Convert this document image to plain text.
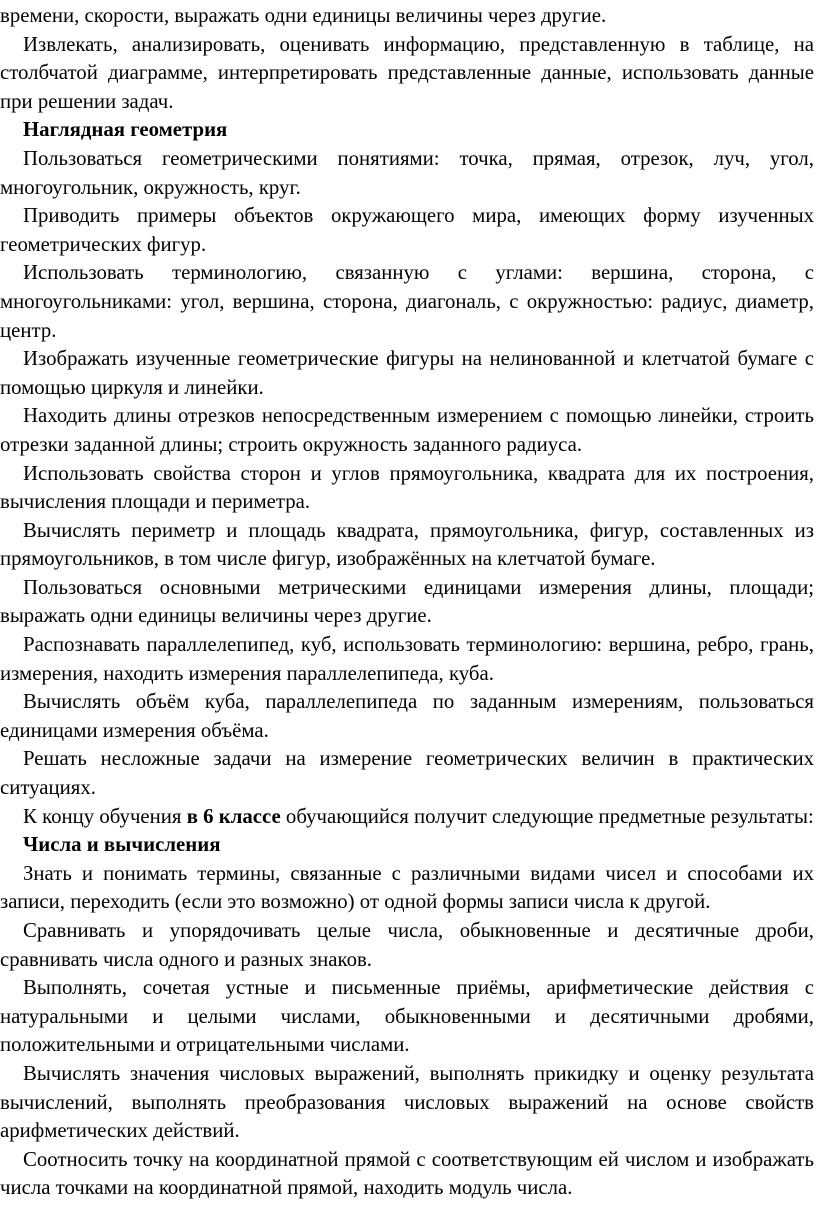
времени, скорости, выражать одни единицы величины через другие.

Извлекать, анализировать, оценивать информацию, представленную в таблице, на столбчатой диаграмме, интерпретировать представленные данные, использовать данные при решении задач.

Наглядная геометрия

Пользоваться геометрическими понятиями: точка, прямая, отрезок, луч, угол, многоугольник, окружность, круг.

Приводить примеры объектов окружающего мира, имеющих форму изученных геометрических фигур.

Использовать терминологию, связанную с углами: вершина, сторона, с многоугольниками: угол, вершина, сторона, диагональ, с окружностью: радиус, диаметр, центр.

Изображать изученные геометрические фигуры на нелинованной и клетчатой бумаге с помощью циркуля и линейки.

Находить длины отрезков непосредственным измерением с помощью линейки, строить отрезки заданной длины; строить окружность заданного радиуса.

Использовать свойства сторон и углов прямоугольника, квадрата для их построения, вычисления площади и периметра.

Вычислять периметр и площадь квадрата, прямоугольника, фигур, составленных из прямоугольников, в том числе фигур, изображённых на клетчатой бумаге.

Пользоваться основными метрическими единицами измерения длины, площади; выражать одни единицы величины через другие.

Распознавать параллелепипед, куб, использовать терминологию: вершина, ребро, грань, измерения, находить измерения параллелепипеда, куба.

Вычислять объём куба, параллелепипеда по заданным измерениям, пользоваться единицами измерения объёма.

Решать несложные задачи на измерение геометрических величин в практических ситуациях.

К концу обучения в 6 классе обучающийся получит следующие предметные результаты:

Числа и вычисления

Знать и понимать термины, связанные с различными видами чисел и способами их записи, переходить (если это возможно) от одной формы записи числа к другой.

Сравнивать и упорядочивать целые числа, обыкновенные и десятичные дроби, сравнивать числа одного и разных знаков.

Выполнять, сочетая устные и письменные приёмы, арифметические действия с натуральными и целыми числами, обыкновенными и десятичными дробями, положительными и отрицательными числами.

Вычислять значения числовых выражений, выполнять прикидку и оценку результата вычислений, выполнять преобразования числовых выражений на основе свойств арифметических действий.

Соотносить точку на координатной прямой с соответствующим ей числом и изображать числа точками на координатной прямой, находить модуль числа.
